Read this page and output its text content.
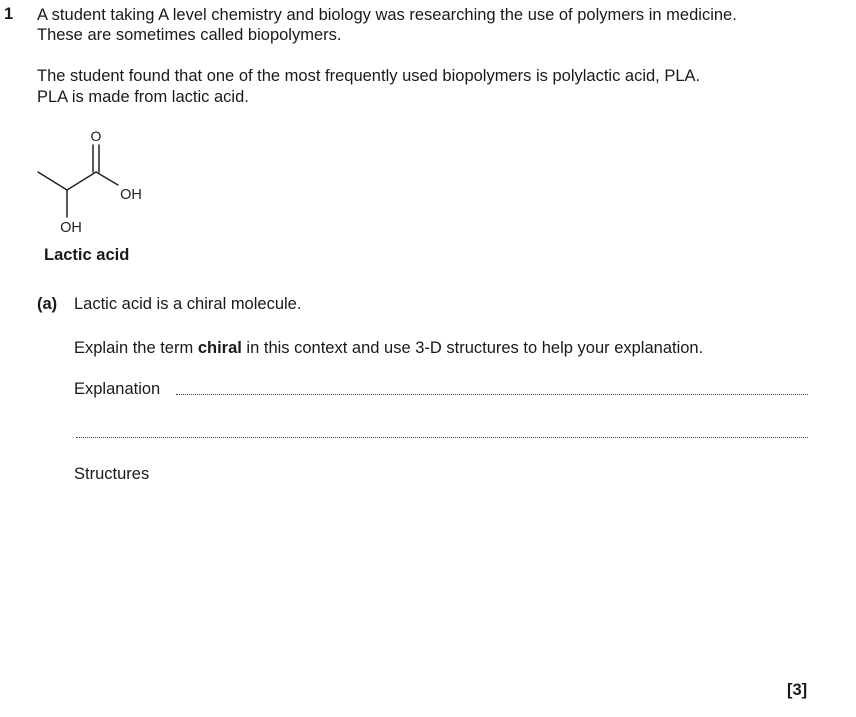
1 A student taking A level chemistry and biology was researching the use of polymers in medicine.
These are sometimes called biopolymers.
The student found that one of the most frequently used biopolymers is polylactic acid, PLA.
PLA is made from lactic acid.
O
OH
OH
Lactic acid
(a) Lactic acid is a chiral molecule.
Explain the term chiral in this context and use 3-D structures to help your explanation.
Explanation
Structures
[3]
